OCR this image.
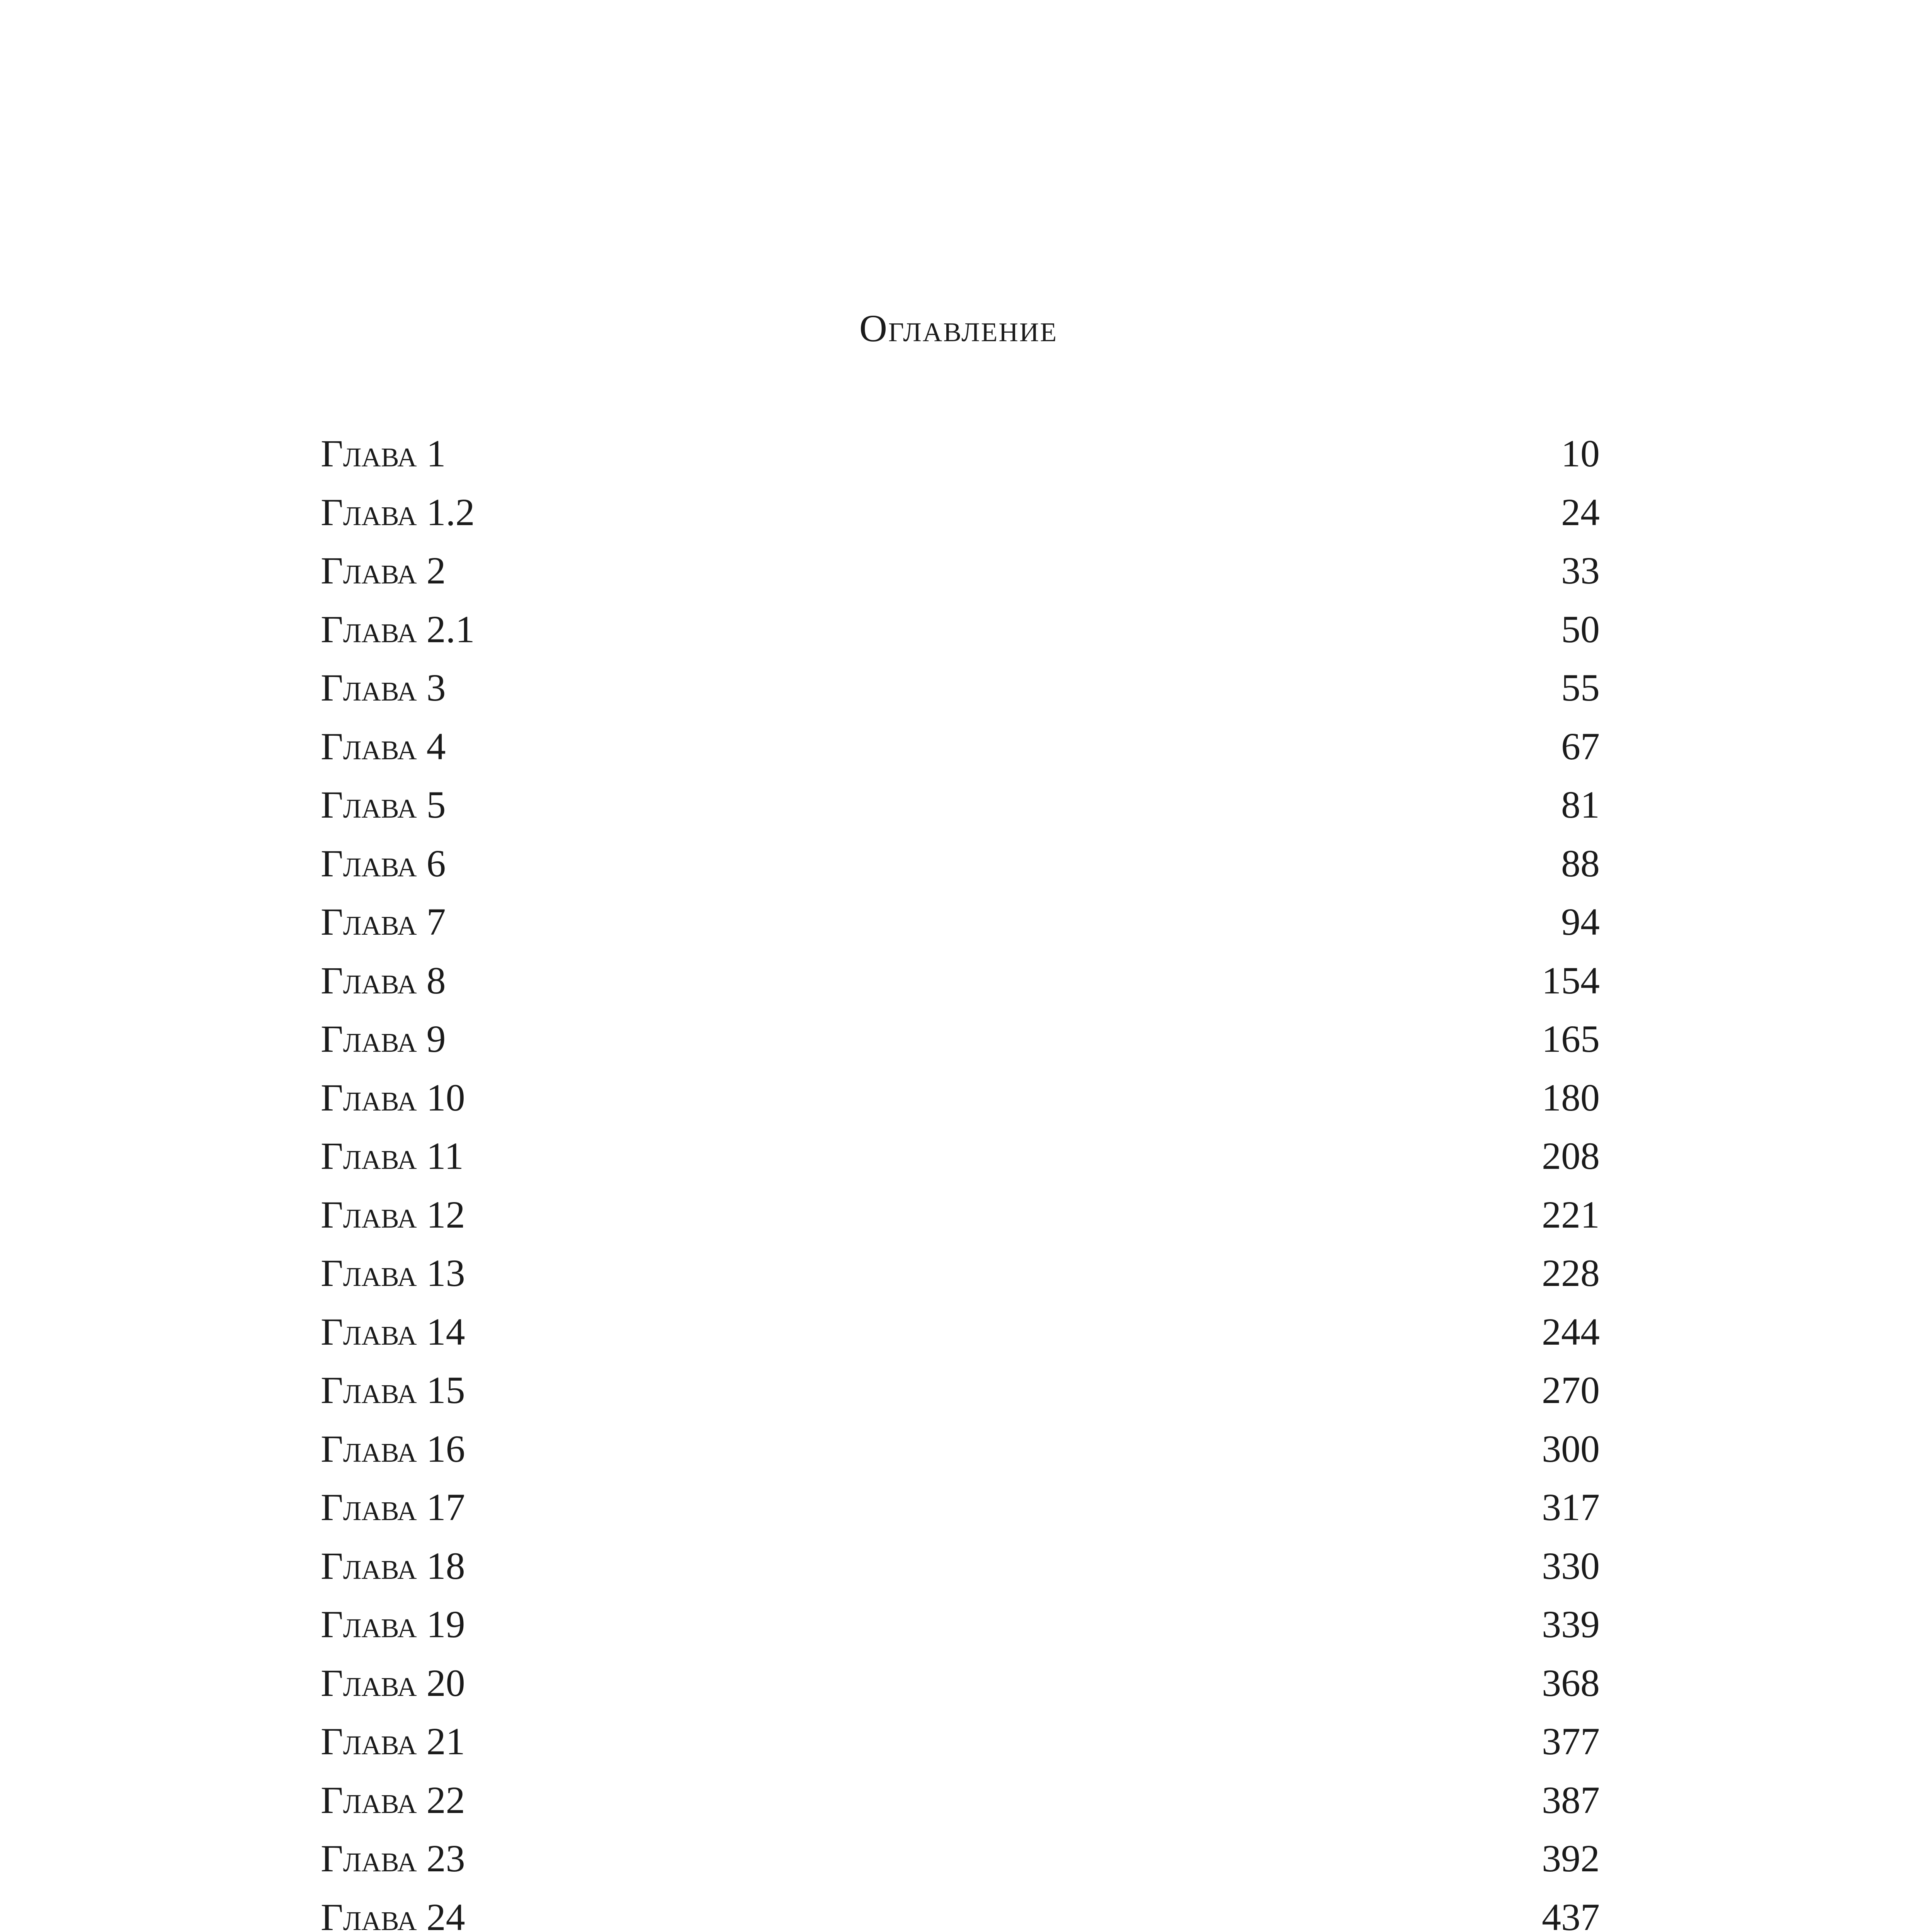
Оглавление
Глава 1	10
Глава 1.2	24
Глава 2	33
Глава 2.1	50
Глава 3	55
Глава 4	67
Глава 5	81
Глава 6	88
Глава 7	94
Глава 8	154
Глава 9	165
Глава 10	180
Глава 11	208
Глава 12	221
Глава 13	228
Глава 14	244
Глава 15	270
Глава 16	300
Глава 17	317
Глава 18	330
Глава 19	339
Глава 20	368
Глава 21	377
Глава 22	387
Глава 23	392
Глава 24	437
